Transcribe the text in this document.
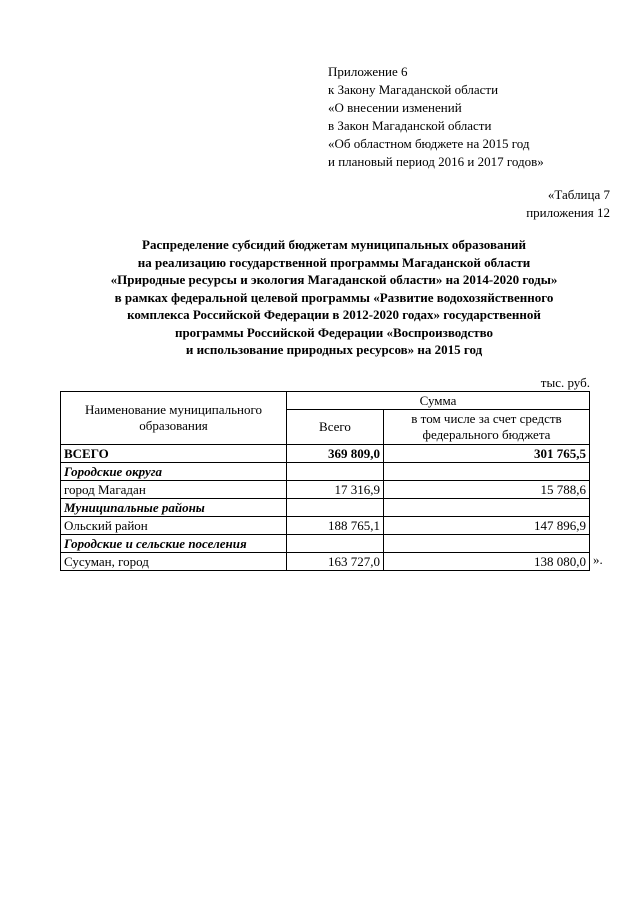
Приложение 6
к Закону Магаданской области
«О внесении изменений
в Закон Магаданской области
«Об областном бюджете на 2015 год
и плановый период 2016 и 2017 годов»
«Таблица 7
приложения 12
Распределение субсидий бюджетам муниципальных образований
на реализацию государственной программы Магаданской области
«Природные ресурсы и экология Магаданской области» на 2014-2020 годы»
в рамках федеральной целевой программы «Развитие водохозяйственного
комплекса Российской Федерации в 2012-2020 годах» государственной
программы Российской Федерации «Воспроизводство
и использование природных ресурсов» на 2015 год
тыс. руб.
Наименование муниципального образования	Сумма	
	Всего	в том числе за счет средств федерального бюджета
ВСЕГО	369 809,0	301 765,5
Городские округа		
город Магадан	17 316,9	15 788,6
Муниципальные районы		
Ольский район	188 765,1	147 896,9
Городские и сельские поселения		
Сусуман, город	163 727,0	138 080,0 ».
